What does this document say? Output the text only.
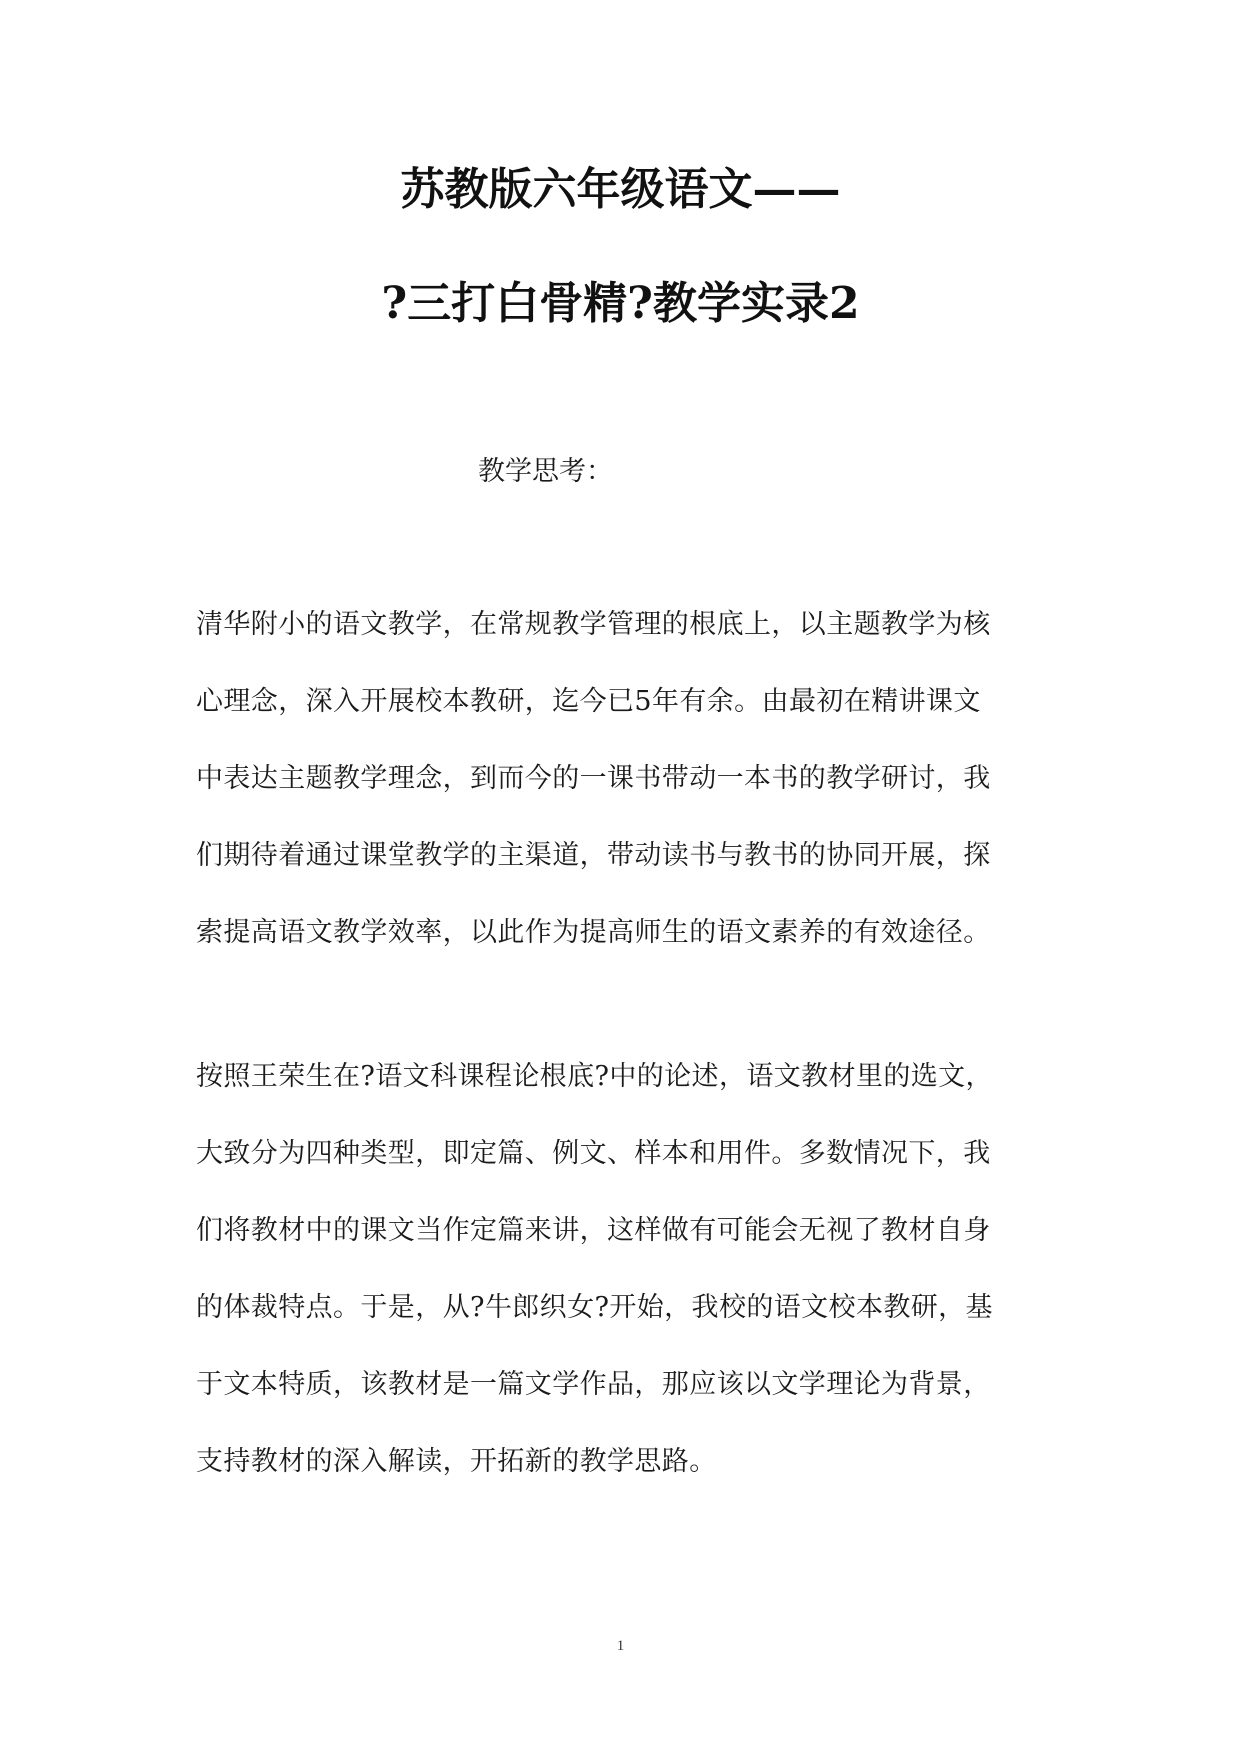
苏教版六年级语文——
?三打白骨精?教学实录2

教学思考：

清华附小的语文教学，在常规教学管理的根底上，以主题教学为核
心理念，深入开展校本教研，迄今已5年有余。由最初在精讲课文
中表达主题教学理念，到而今的一课书带动一本书的教学研讨，我
们期待着通过课堂教学的主渠道，带动读书与教书的协同开展，探
索提高语文教学效率，以此作为提高师生的语文素养的有效途径。
按照王荣生在?语文科课程论根底?中的论述，语文教材里的选文，
大致分为四种类型，即定篇、例文、样本和用件。多数情况下，我
们将教材中的课文当作定篇来讲，这样做有可能会无视了教材自身
的体裁特点。于是，从?牛郎织女?开始，我校的语文校本教研，基
于文本特质，该教材是一篇文学作品，那应该以文学理论为背景，
支持教材的深入解读，开拓新的教学思路。

1
